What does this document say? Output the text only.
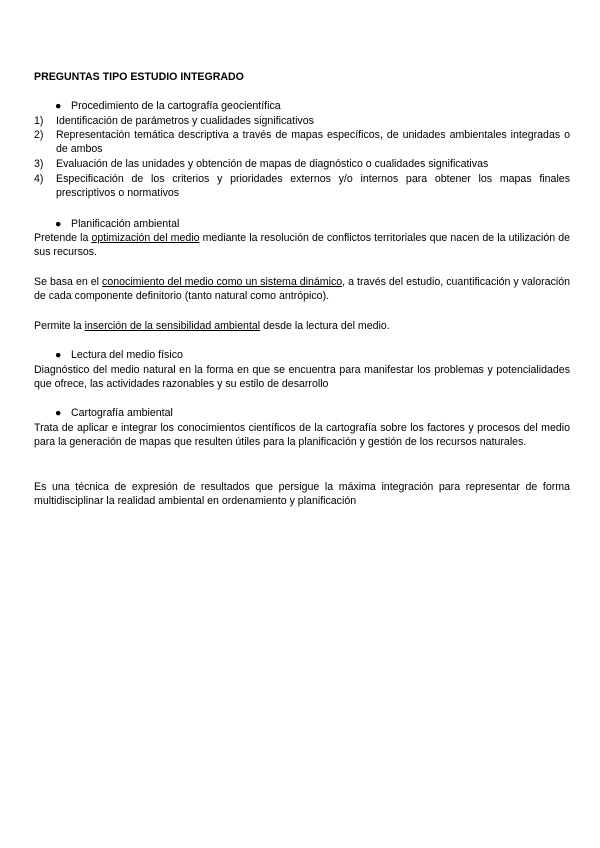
PREGUNTAS TIPO ESTUDIO INTEGRADO
● Procedimiento de la cartografía geocientífica
1)	Identificación de parámetros y cualidades significativos
2)	Representación temática descriptiva a través de mapas específicos, de unidades ambientales integradas o de ambos
3)	Evaluación de las unidades y obtención de mapas de diagnóstico o cualidades significativas
4)	Especificación de los criterios y prioridades externos y/o internos para obtener los mapas finales prescriptivos o normativos
● Planificación ambiental
Pretende la optimización del medio mediante la resolución de conflictos territoriales que nacen de la utilización de sus recursos.
Se basa en el conocimiento del medio como un sistema dinámico, a través del estudio, cuantificación y valoración de cada componente definitorio (tanto natural como antrópico).
Permite la inserción de la sensibilidad ambiental desde la lectura del medio.
● Lectura del medio físico
Diagnóstico del medio natural en la forma en que se encuentra para manifestar los problemas y potencialidades que ofrece, las actividades razonables y su estilo de desarrollo
● Cartografía ambiental
Trata de aplicar e integrar los conocimientos científicos de la cartografía sobre los factores y procesos del medio para la generación de mapas que resulten útiles para la planificación y gestión de los recursos naturales.
Es una técnica de expresión de resultados que persigue la máxima integración para representar de forma multidisciplinar la realidad ambiental en ordenamiento y planificación
